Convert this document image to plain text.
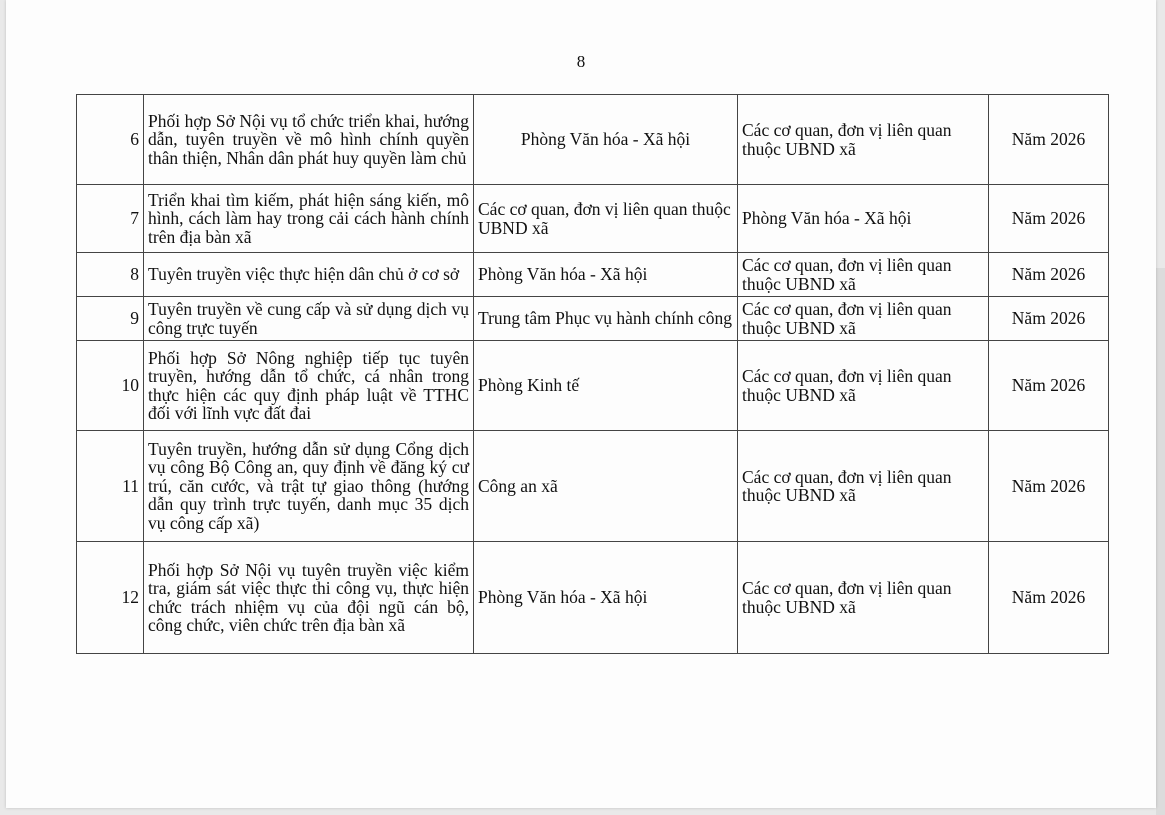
8
6	Phối hợp Sở Nội vụ tổ chức triển khai, hướng dẫn, tuyên truyền về mô hình chính quyền thân thiện, Nhân dân phát huy quyền làm chủ	Phòng Văn hóa - Xã hội	Các cơ quan, đơn vị liên quan thuộc UBND xã	Năm 2026
7	Triển khai tìm kiếm, phát hiện sáng kiến, mô hình, cách làm hay trong cải cách hành chính trên địa bàn xã	Các cơ quan, đơn vị liên quan thuộc UBND xã	Phòng Văn hóa - Xã hội	Năm 2026
8	Tuyên truyền việc thực hiện dân chủ ở cơ sở	Phòng Văn hóa - Xã hội	Các cơ quan, đơn vị liên quan thuộc UBND xã	Năm 2026
9	Tuyên truyền về cung cấp và sử dụng dịch vụ công trực tuyến	Trung tâm Phục vụ hành chính công	Các cơ quan, đơn vị liên quan thuộc UBND xã	Năm 2026
10	Phối hợp Sở Nông nghiệp tiếp tục tuyên truyền, hướng dẫn tổ chức, cá nhân trong thực hiện các quy định pháp luật về TTHC đối với lĩnh vực đất đai	Phòng Kinh tế	Các cơ quan, đơn vị liên quan thuộc UBND xã	Năm 2026
11	Tuyên truyền, hướng dẫn sử dụng Cổng dịch vụ công Bộ Công an, quy định về đăng ký cư trú, căn cước, và trật tự giao thông (hướng dẫn quy trình trực tuyến, danh mục 35 dịch vụ công cấp xã)	Công an xã	Các cơ quan, đơn vị liên quan thuộc UBND xã	Năm 2026
12	Phối hợp Sở Nội vụ tuyên truyền việc kiểm tra, giám sát việc thực thi công vụ, thực hiện chức trách nhiệm vụ của đội ngũ cán bộ, công chức, viên chức trên địa bàn xã	Phòng Văn hóa - Xã hội	Các cơ quan, đơn vị liên quan thuộc UBND xã	Năm 2026
